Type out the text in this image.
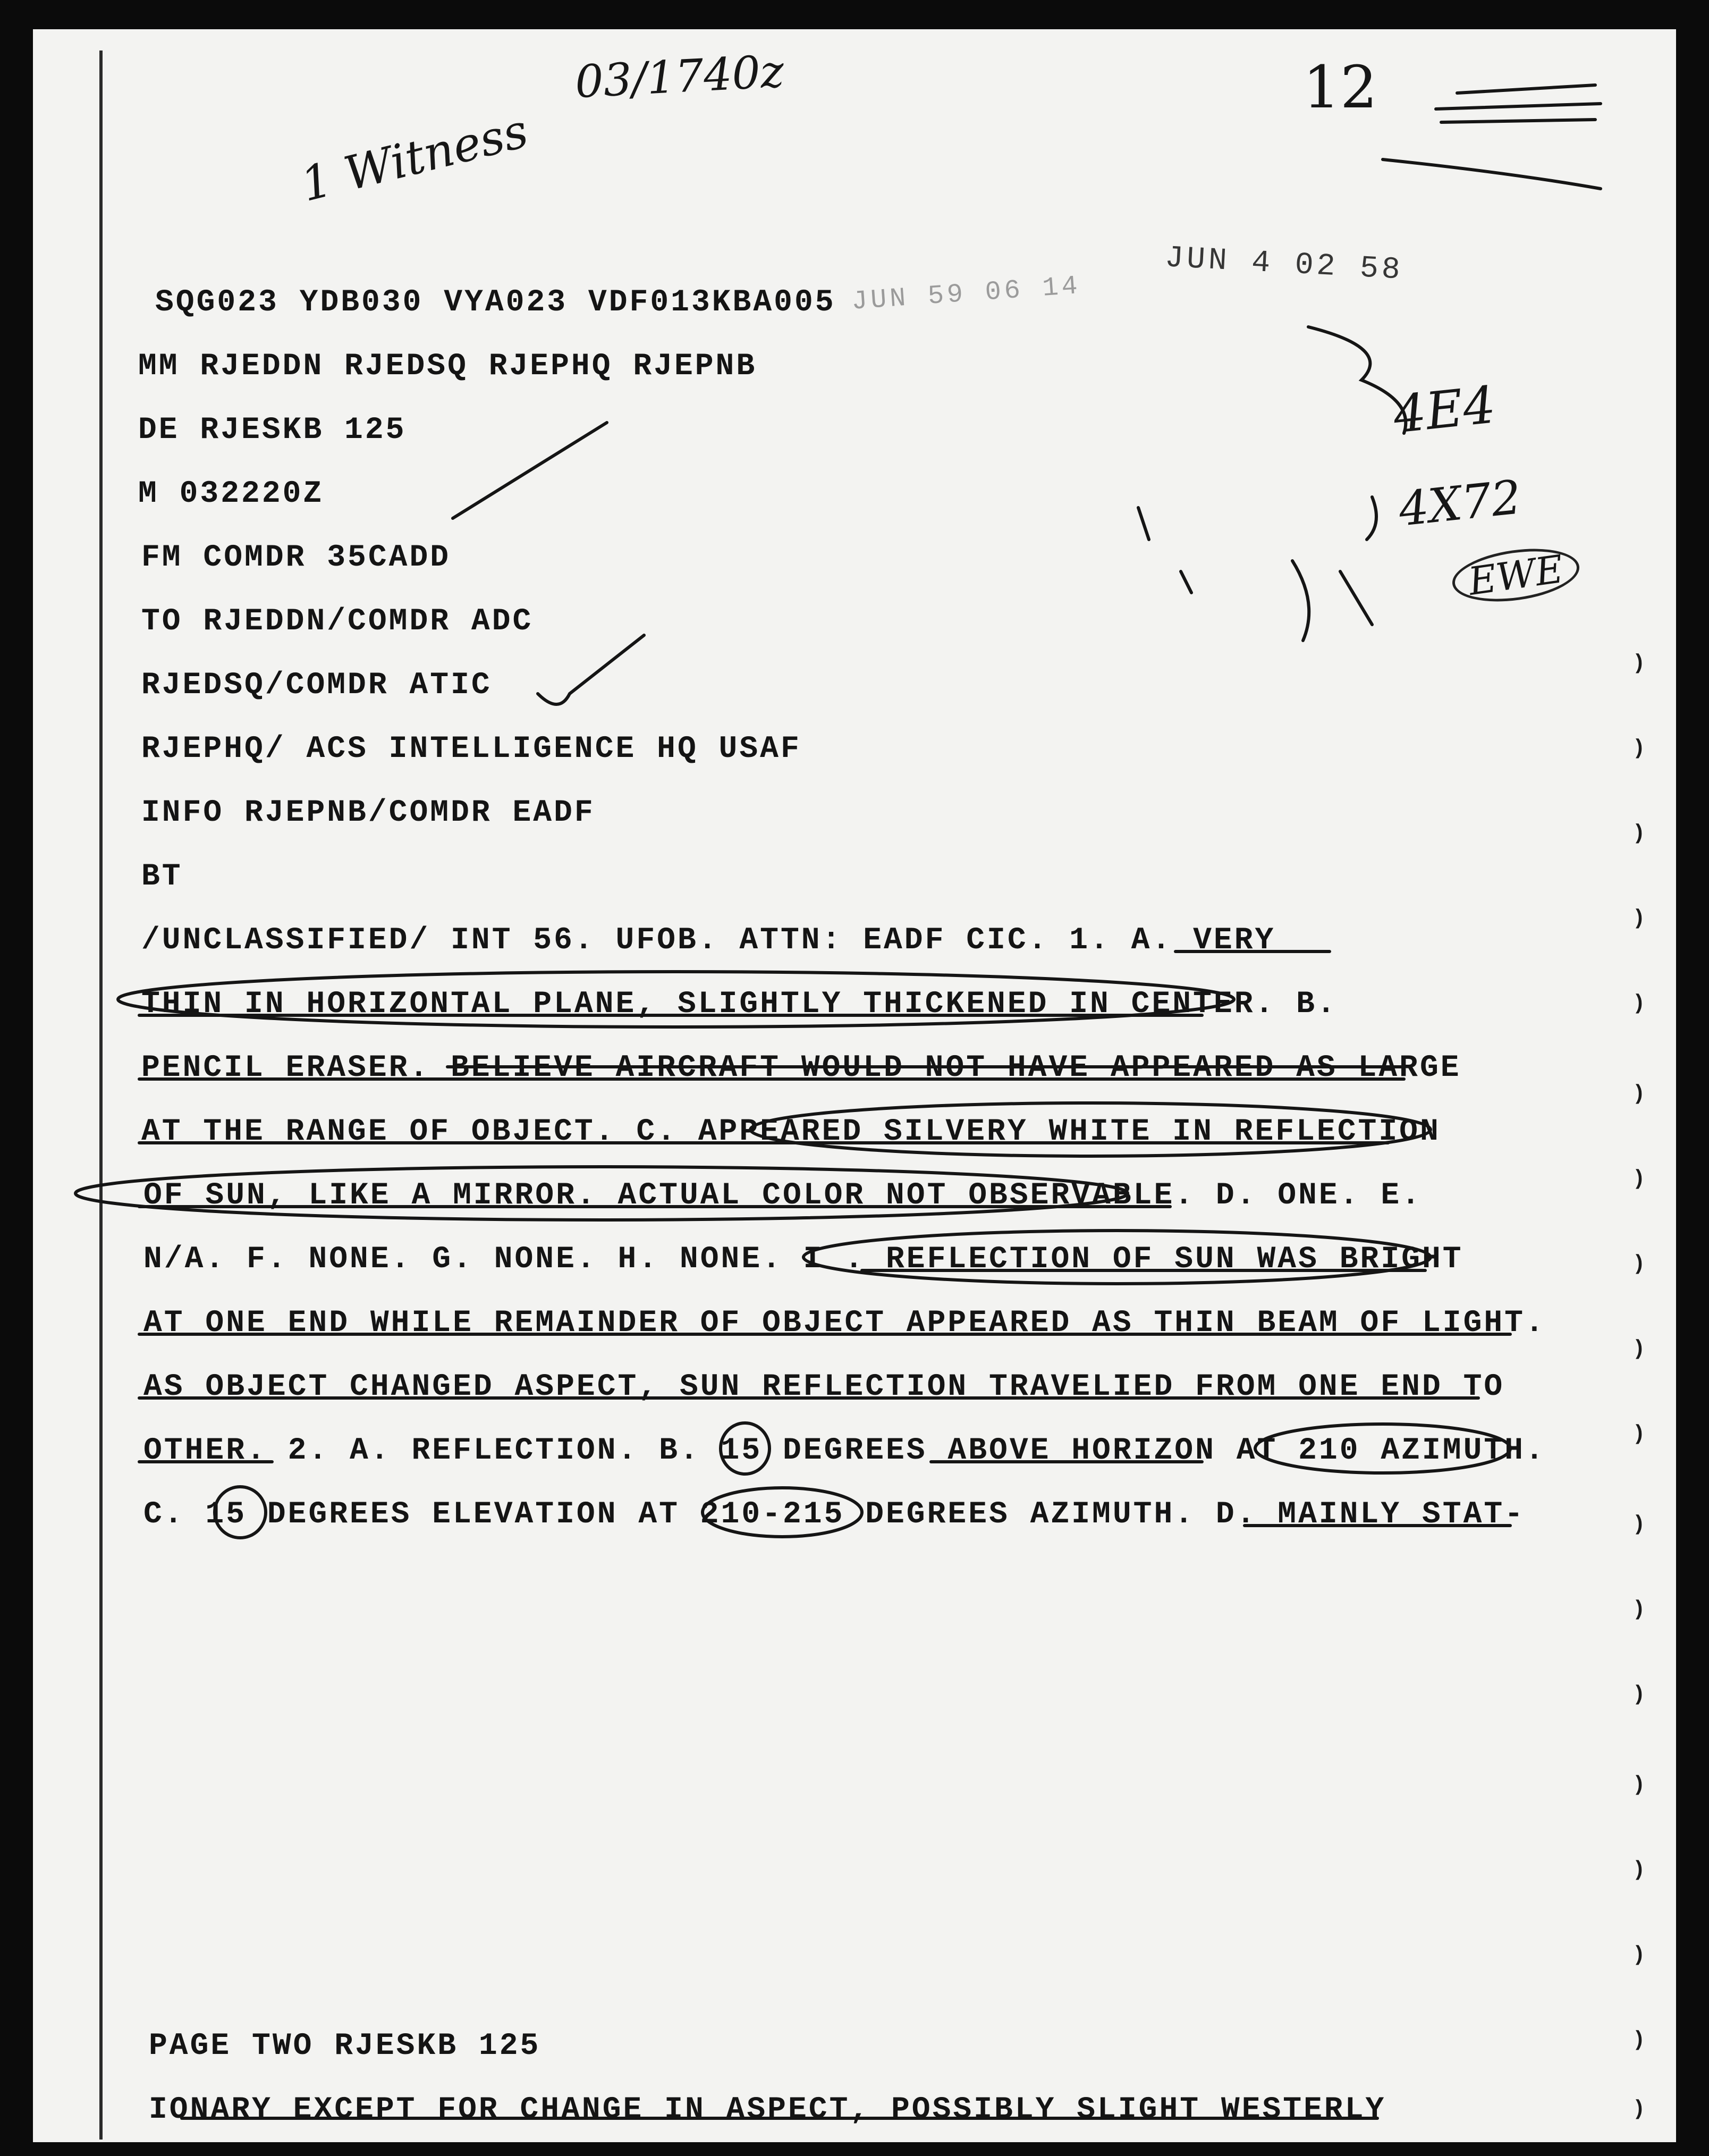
03/1740z
1 Witness
12
4E4
4X72
EWE
JUN 59 06 14
JUN 4 02 58
SQG023 YDB030 VYA023 VDF013KBA005
MM RJEDDN RJEDSQ RJEPHQ RJEPNB
DE RJESKB 125
M 032220Z
FM COMDR 35CADD
TO RJEDDN/COMDR ADC
RJEDSQ/COMDR ATIC
RJEPHQ/ ACS INTELLIGENCE HQ USAF
INFO RJEPNB/COMDR EADF
BT
/UNCLASSIFIED/ INT 56. UFOB. ATTN: EADF CIC. 1. A. VERY
THIN IN HORIZONTAL PLANE, SLIGHTLY THICKENED IN CENTER. B.
PENCIL ERASER. BELIEVE AIRCRAFT WOULD NOT HAVE APPEARED AS LARGE
AT THE RANGE OF OBJECT. C. APPEARED SILVERY WHITE IN REFLECTION
OF SUN, LIKE A MIRROR. ACTUAL COLOR NOT OBSERVABLE. D. ONE. E.
N/A. F. NONE. G. NONE. H. NONE. I . REFLECTION OF SUN WAS BRIGHT
AT ONE END WHILE REMAINDER OF OBJECT APPEARED AS THIN BEAM OF LIGHT.
AS OBJECT CHANGED ASPECT, SUN REFLECTION TRAVELIED FROM ONE END TO
OTHER. 2. A. REFLECTION. B. 15 DEGREES ABOVE HORIZON AT 210 AZIMUTH.
C. 15 DEGREES ELEVATION AT 210-215 DEGREES AZIMUTH. D. MAINLY STAT-
PAGE TWO RJESKB 125
IONARY EXCEPT FOR CHANGE IN ASPECT, POSSIBLY SLIGHT WESTERLY
)
)
)
)
)
)
)
)
)
)
)
)
)
)
)
)
)
)
